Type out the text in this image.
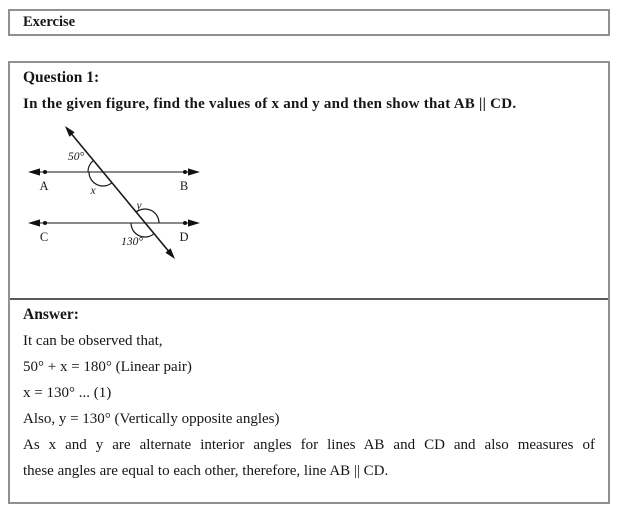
Exercise
Question 1:
In the given figure, find the values of x and y and then show that AB || CD.
A	B
C	D
50°
x
y
130°
Answer:
It can be observed that,
50° + x = 180° (Linear pair)
x = 130° ... (1)
Also, y = 130° (Vertically opposite angles)
As x and y are alternate interior angles for lines AB and CD and also measures of
these angles are equal to each other, therefore, line AB || CD.
